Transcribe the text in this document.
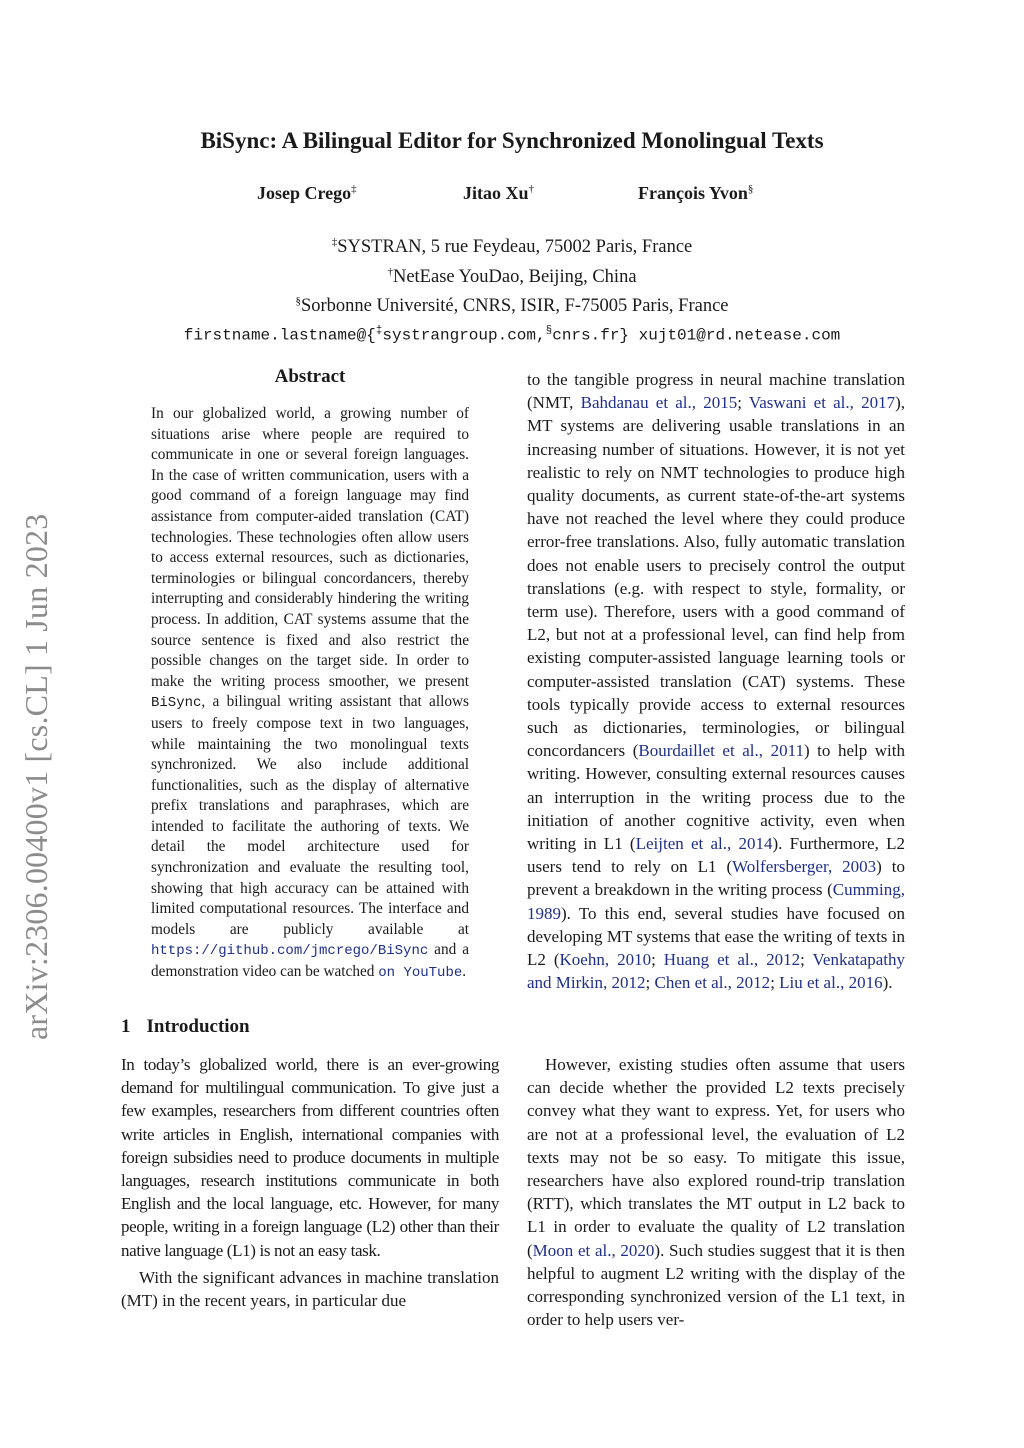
arXiv:2306.00400v1 [cs.CL] 1 Jun 2023
BiSync: A Bilingual Editor for Synchronized Monolingual Texts
Josep Crego‡	Jitao Xu†	François Yvon§
‡SYSTRAN, 5 rue Feydeau, 75002 Paris, France
†NetEase YouDao, Beijing, China
§Sorbonne Université, CNRS, ISIR, F-75005 Paris, France
firstname.lastname@{‡systrangroup.com,§cnrs.fr} xujt01@rd.netease.com
Abstract

In our globalized world, a growing number of situations arise where people are required to communicate in one or several foreign languages. In the case of written communication, users with a good command of a foreign language may find assistance from computer-aided translation (CAT) technologies. These technologies often allow users to access external resources, such as dictionaries, terminologies or bilingual concordancers, thereby interrupting and considerably hindering the writing process. In addition, CAT systems assume that the source sentence is fixed and also restrict the possible changes on the target side. In order to make the writing process smoother, we present BiSync, a bilingual writing assistant that allows users to freely compose text in two languages, while maintaining the two monolingual texts synchronized. We also include additional functionalities, such as the display of alternative prefix translations and paraphrases, which are intended to facilitate the authoring of texts. We detail the model architecture used for synchronization and evaluate the resulting tool, showing that high accuracy can be attained with limited computational resources. The interface and models are publicly available at https://github.com/jmcrego/BiSync and a demonstration video can be watched on YouTube.

1 Introduction

In today’s globalized world, there is an ever-growing demand for multilingual communication. To give just a few examples, researchers from different countries often write articles in English, international companies with foreign subsidies need to produce documents in multiple languages, research institutions communicate in both English and the local language, etc. However, for many people, writing in a foreign language (L2) other than their native language (L1) is not an easy task.

With the significant advances in machine translation (MT) in the recent years, in particular due

to the tangible progress in neural machine translation (NMT, Bahdanau et al., 2015; Vaswani et al., 2017), MT systems are delivering usable translations in an increasing number of situations. However, it is not yet realistic to rely on NMT technologies to produce high quality documents, as current state-of-the-art systems have not reached the level where they could produce error-free translations. Also, fully automatic translation does not enable users to precisely control the output translations (e.g. with respect to style, formality, or term use). Therefore, users with a good command of L2, but not at a professional level, can find help from existing computer-assisted language learning tools or computer-assisted translation (CAT) systems. These tools typically provide access to external resources such as dictionaries, terminologies, or bilingual concordancers (Bourdaillet et al., 2011) to help with writing. However, consulting external resources causes an interruption in the writing process due to the initiation of another cognitive activity, even when writing in L1 (Leijten et al., 2014). Furthermore, L2 users tend to rely on L1 (Wolfersberger, 2003) to prevent a breakdown in the writing process (Cumming, 1989). To this end, several studies have focused on developing MT systems that ease the writing of texts in L2 (Koehn, 2010; Huang et al., 2012; Venkatapathy and Mirkin, 2012; Chen et al., 2012; Liu et al., 2016).

However, existing studies often assume that users can decide whether the provided L2 texts precisely convey what they want to express. Yet, for users who are not at a professional level, the evaluation of L2 texts may not be so easy. To mitigate this issue, researchers have also explored round-trip translation (RTT), which translates the MT output in L2 back to L1 in order to evaluate the quality of L2 translation (Moon et al., 2020). Such studies suggest that it is then helpful to augment L2 writing with the display of the corresponding synchronized version of the L1 text, in order to help users ver-
